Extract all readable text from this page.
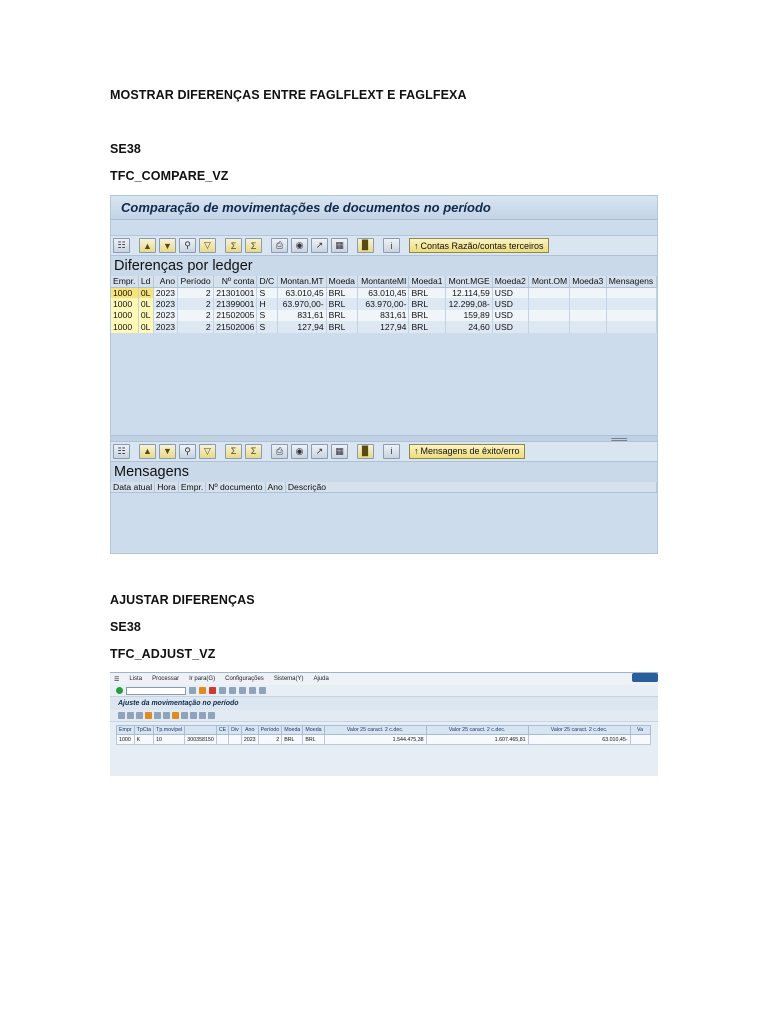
MOSTRAR DIFERENÇAS ENTRE FAGLFLEXT E FAGLFEXA
SE38
TFC_COMPARE_VZ
Comparação de movimentações de documentos no período
☷	▲	▼	⚲	▽	Σ	Σ	⎙	◉	↗	▦	▉	i	↑ Contas Razão/contas terceiros
Diferenças por ledger
Empr.	Ld	Ano	Período	Nº conta	D/C	Montan.MT	Moeda	MontanteMI	Moeda1	Mont.MGE	Moeda2	Mont.OM	Moeda3	Mensagens
1000	0L	2023	2	21301001	S	63.010,45	BRL	63.010,45	BRL	12.114,59	USD			
1000	0L	2023	2	21399001	H	63.970,00-	BRL	63.970,00-	BRL	12.299,08-	USD			
1000	0L	2023	2	21502005	S	831,61	BRL	831,61	BRL	159,89	USD			
1000	0L	2023	2	21502006	S	127,94	BRL	127,94	BRL	24,60	USD			
=====
☷	▲	▼	⚲	▽	Σ	Σ	⎙	◉	↗	▦	▉	i	↑ Mensagens de êxito/erro
Mensagens
Data atual	Hora	Empr.	Nº documento	Ano	Descrição
AJUSTAR DIFERENÇAS
SE38
TFC_ADJUST_VZ
☰ Lista Processar Ir para(G) Configurações Sistema(Y) Ajuda
Ajuste da movimentação no período
Empr	TpCta	Tp.mov/pel		CE	Div	Ano	Período	Moeda	Moeda	Valor 25 caract. 2 c.dec.	Valor 25 caract. 2 c.dec.	Valor 25 caract. 2 c.dec.	Va
1000	K	10	300358150			2023	2	BRL	BRL	1.544.475,38	1.607.465,81	63.010,45-	
